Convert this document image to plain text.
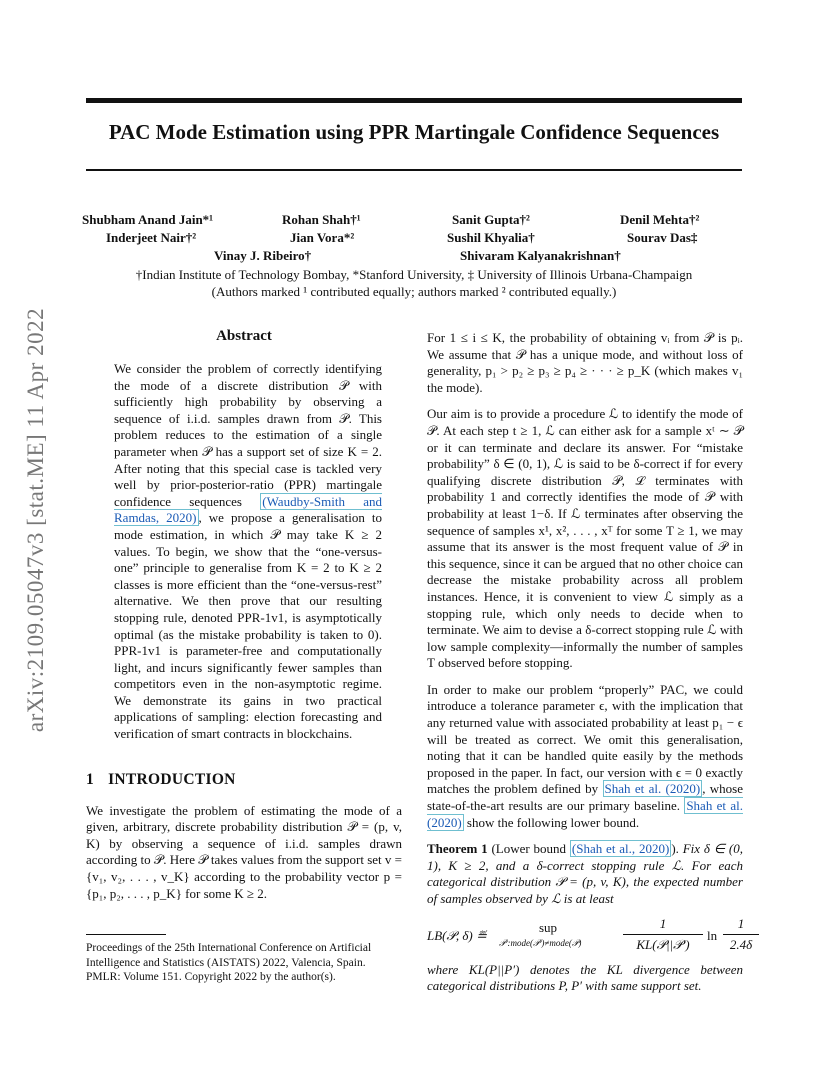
arXiv:2109.05047v3 [stat.ME] 11 Apr 2022
PAC Mode Estimation using PPR Martingale Confidence Sequences
Shubham Anand Jain*¹	Rohan Shah†¹	Sanit Gupta†²	Denil Mehta†²
Inderjeet Nair†²	Jian Vora*²	Sushil Khyalia†	Sourav Das‡
Vinay J. Ribeiro†	Shivaram Kalyanakrishnan†
†Indian Institute of Technology Bombay, *Stanford University, ‡ University of Illinois Urbana-Champaign
(Authors marked ¹ contributed equally; authors marked ² contributed equally.)
Abstract
We consider the problem of correctly identifying the mode of a discrete distribution 𝒫 with sufficiently high probability by observing a sequence of i.i.d. samples drawn from 𝒫. This problem reduces to the estimation of a single parameter when 𝒫 has a support set of size K = 2. After noting that this special case is tackled very well by prior-posterior-ratio (PPR) martingale confidence sequences (Waudby-Smith and Ramdas, 2020) , we propose a generalisation to mode estimation, in which 𝒫 may take K ≥ 2 values. To begin, we show that the “one-versus-one” principle to generalise from K = 2 to K ≥ 2 classes is more efficient than the “one-versus-rest” alternative. We then prove that our resulting stopping rule, denoted PPR-1v1, is asymptotically optimal (as the mistake probability is taken to 0). PPR-1v1 is parameter-free and computationally light, and incurs significantly fewer samples than competitors even in the non-asymptotic regime. We demonstrate its gains in two practical applications of sampling: election forecasting and verification of smart contracts in blockchains.
1 INTRODUCTION

We investigate the problem of estimating the mode of a given, arbitrary, discrete probability distribution 𝒫 = (p, v, K) by observing a sequence of i.i.d. samples drawn according to 𝒫. Here 𝒫 takes values from the support set v = {v₁, v₂, . . . , v_K} according to the probability vector p = {p₁, p₂, . . . , p_K} for some K ≥ 2.

Proceedings of the 25th International Conference on Artificial Intelligence and Statistics (AISTATS) 2022, Valencia, Spain. PMLR: Volume 151. Copyright 2022 by the author(s).

For 1 ≤ i ≤ K, the probability of obtaining vᵢ from 𝒫 is pᵢ. We assume that 𝒫 has a unique mode, and without loss of generality, p₁ > p₂ ≥ p₃ ≥ p₄ ≥ · · · ≥ p_K (which makes v₁ the mode).

Our aim is to provide a procedure ℒ to identify the mode of 𝒫. At each step t ≥ 1, ℒ can either ask for a sample xᵗ ∼ 𝒫 or it can terminate and declare its answer. For “mistake probability” δ ∈ (0, 1), ℒ is said to be δ-correct if for every qualifying discrete distribution 𝒫, ℒ terminates with probability 1 and correctly identifies the mode of 𝒫 with probability at least 1−δ. If ℒ terminates after observing the sequence of samples x¹, x², . . . , xᵀ for some T ≥ 1, we may assume that its answer is the most frequent value of 𝒫 in this sequence, since it can be argued that no other choice can decrease the mistake probability across all problem instances. Hence, it is convenient to view ℒ simply as a stopping rule, which only needs to decide when to terminate. We aim to devise a δ-correct stopping rule ℒ with low sample complexity—informally the number of samples T observed before stopping.

In order to make our problem “properly” PAC, we could introduce a tolerance parameter ϵ, with the implication that any returned value with associated probability at least p₁ − ϵ will be treated as correct. We omit this generalisation, noting that it can be handled quite easily by the methods proposed in the paper. In fact, our version with ϵ = 0 exactly matches the problem defined by Shah et al. (2020) , whose state-of-the-art results are our primary baseline. Shah et al. (2020) show the following lower bound.

Theorem 1 (Lower bound (Shah et al., 2020) ). Fix δ ∈ (0, 1), K ≥ 2, and a δ-correct stopping rule ℒ. For each categorical distribution 𝒫 = (p, v, K), the expected number of samples observed by ℒ is at least

LB(𝒫, δ) ≝
sup
𝒫′:mode(𝒫′)≠mode(𝒫)
1
KL(𝒫||𝒫′)
ln
1
2.4δ

where KL(P||P′) denotes the KL divergence between categorical distributions P, P′ with same support set.
